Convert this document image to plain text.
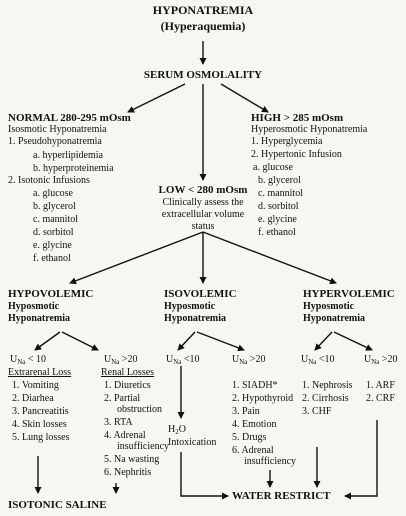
HYPONATREMIA
(Hyperaquemia)
SERUM OSMOLALITY
NORMAL 280-295 mOsm
Isosmotic Hyponatremia
1. Pseudohyponatremia
a. hyperlipidemia
b. hyperproteinemia
2. Isotonic Infusions
a. glucose
b. glycerol
c. mannitol
d. sorbitol
e. glycine
f. ethanol
HIGH > 285 mOsm
Hyperosmotic Hyponatremia
1. Hyperglycemia
2. Hypertonic Infusion
a. glucose
b. glycerol
c. mannitol
d. sorbitol
e. glycine
f. ethanol
LOW < 280 mOsm
Clinically assess the
extracellular volume
status
HYPOVOLEMIC
Hyposmotic
Hyponatremia
ISOVOLEMIC
Hyposmotic
Hyponatremia
HYPERVOLEMIC
Hyposmotic
Hyponatremia
$U_{Na} < 10$	$U_{Na} >20$	$U_{Na} <10$	$U_{Na} >20$	$U_{Na} <10$	$U_{Na} >20$
Extrarenal Loss
1. Vomiting
2. Diarhea
3. Pancreatitis
4. Skin losses
5. Lung losses
Renal Losses
1. Diuretics
2. Partial
obstruction
3. RTA
4. Adrenal
insufficiency
5. Na wasting
6. Nephritis
$H_2O$
Intoxication
1. SIADH*
2. Hypothyroid
3. Pain
4. Emotion
5. Drugs
6. Adrenal
insufficiency
1. Nephrosis
2. Cirrhosis
3. CHF
1. ARF
2. CRF
ISOTONIC SALINE
WATER RESTRICT
